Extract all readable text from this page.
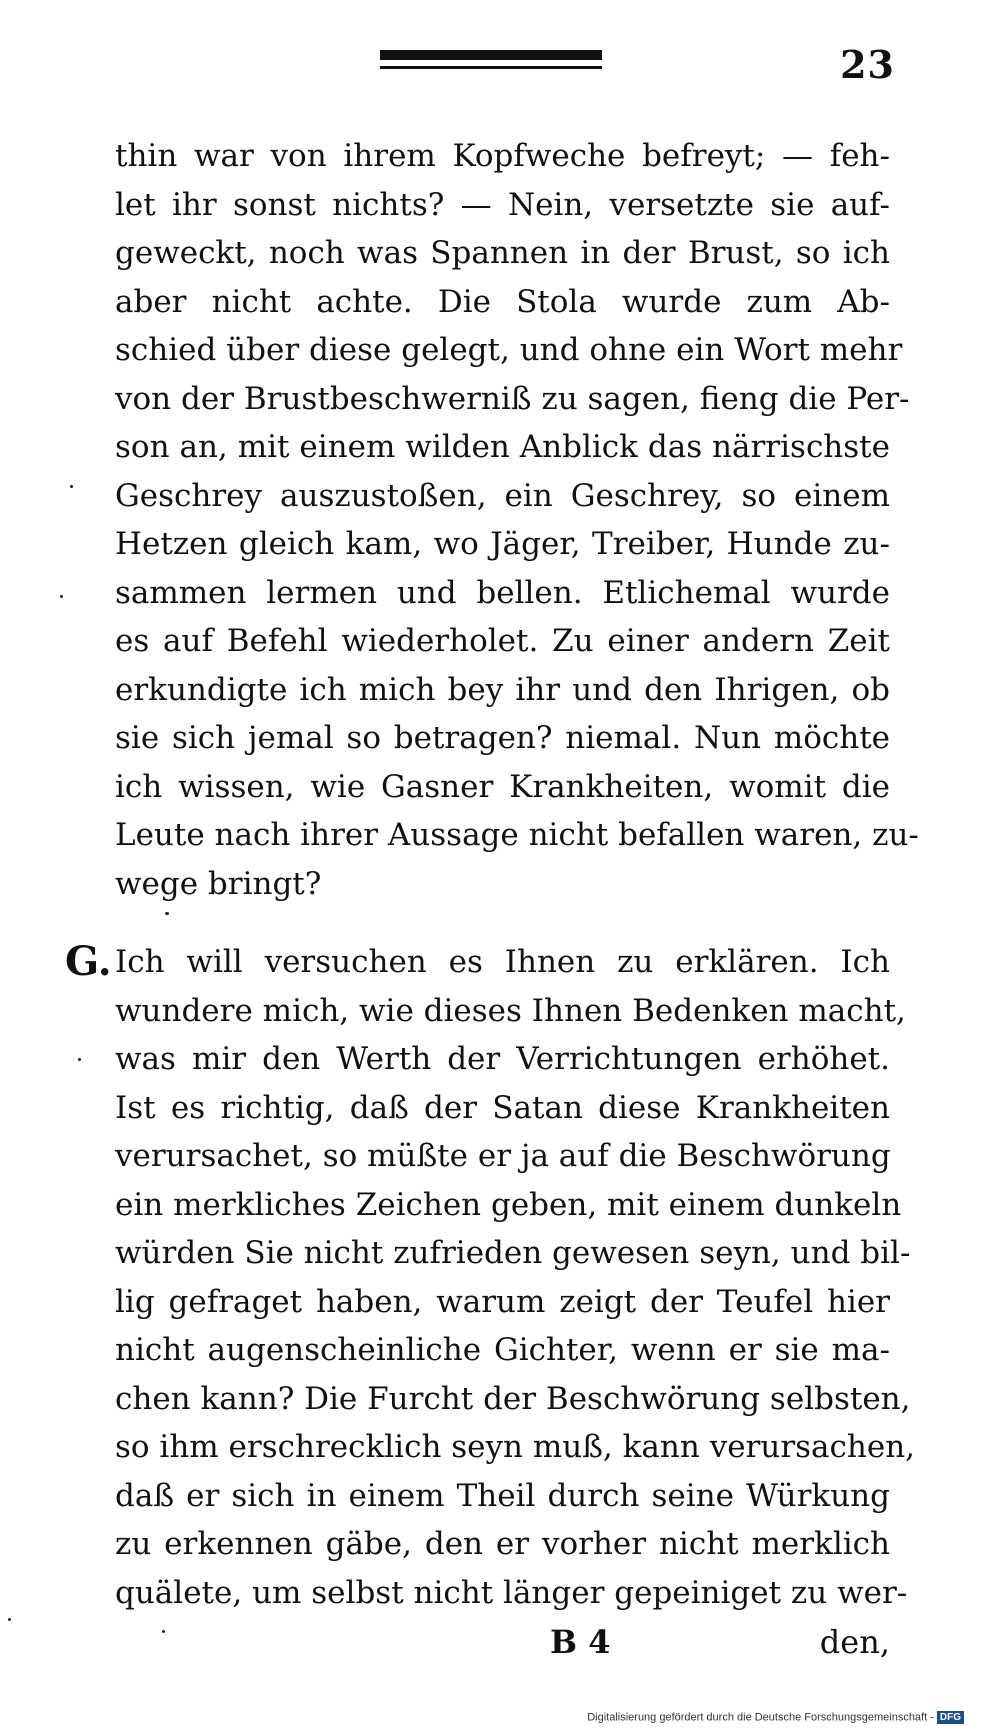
23
thin war von ihrem Kopfweche befreyt; — feh-
let ihr sonst nichts? — Nein, versetzte sie auf-
geweckt, noch was Spannen in der Brust, so ich
aber nicht achte. Die Stola wurde zum Ab-
schied über diese gelegt, und ohne ein Wort mehr
von der Brustbeschwerniß zu sagen, fieng die Per-
son an, mit einem wilden Anblick das närrischste
Geschrey auszustoßen, ein Geschrey, so einem
Hetzen gleich kam, wo Jäger, Treiber, Hunde zu-
sammen lermen und bellen. Etlichemal wurde
es auf Befehl wiederholet. Zu einer andern Zeit
erkundigte ich mich bey ihr und den Ihrigen, ob
sie sich jemal so betragen? niemal. Nun möchte
ich wissen, wie Gasner Krankheiten, womit die
Leute nach ihrer Aussage nicht befallen waren, zu-
wege bringt?
G. Ich will versuchen es Ihnen zu erklären. Ich
wundere mich, wie dieses Ihnen Bedenken macht,
was mir den Werth der Verrichtungen erhöhet.
Ist es richtig, daß der Satan diese Krankheiten
verursachet, so müßte er ja auf die Beschwörung
ein merkliches Zeichen geben, mit einem dunkeln
würden Sie nicht zufrieden gewesen seyn, und bil-
lig gefraget haben, warum zeigt der Teufel hier
nicht augenscheinliche Gichter, wenn er sie ma-
chen kann? Die Furcht der Beschwörung selbsten,
so ihm erschrecklich seyn muß, kann verursachen,
daß er sich in einem Theil durch seine Würkung
zu erkennen gäbe, den er vorher nicht merklich
quälete, um selbst nicht länger gepeiniget zu wer-
B 4	den,
Digitalisierung gefördert durch die Deutsche Forschungsgemeinschaft - DFG
